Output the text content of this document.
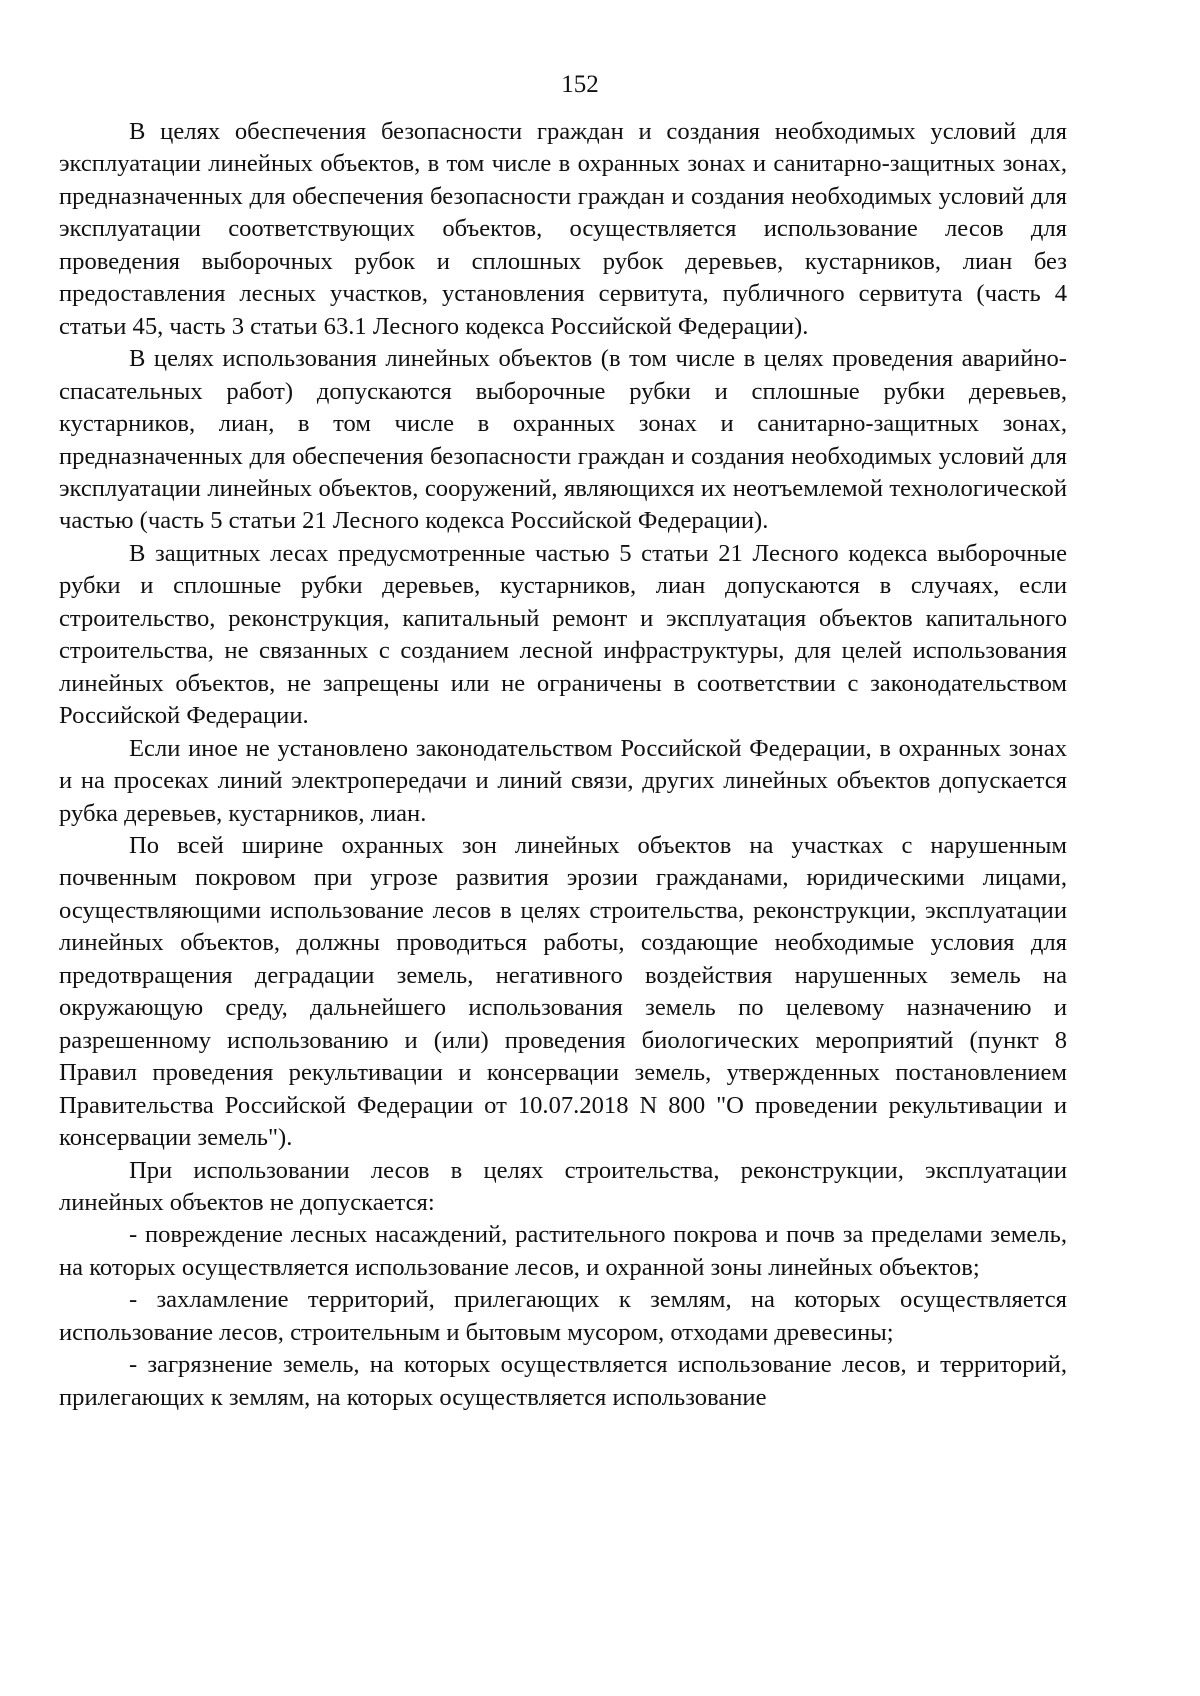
152

В целях обеспечения безопасности граждан и создания необходимых условий для эксплуатации линейных объектов, в том числе в охранных зонах и санитарно-защитных зонах, предназначенных для обеспечения безопасности граждан и создания необходимых условий для эксплуатации соответствующих объектов, осуществляется использование лесов для проведения выборочных рубок и сплошных рубок деревьев, кустарников, лиан без предоставления лесных участков, установления сервитута, публичного сервитута (часть 4 статьи 45, часть 3 статьи 63.1 Лесного кодекса Российской Федерации).

В целях использования линейных объектов (в том числе в целях проведения аварийно-спасательных работ) допускаются выборочные рубки и сплошные рубки деревьев, кустарников, лиан, в том числе в охранных зонах и санитарно-защитных зонах, предназначенных для обеспечения безопасности граждан и создания необходимых условий для эксплуатации линейных объектов, сооружений, являющихся их неотъемлемой технологической частью (часть 5 статьи 21 Лесного кодекса Российской Федерации).

В защитных лесах предусмотренные частью 5 статьи 21 Лесного кодекса выборочные рубки и сплошные рубки деревьев, кустарников, лиан допускаются в случаях, если строительство, реконструкция, капитальный ремонт и эксплуатация объектов капитального строительства, не связанных с созданием лесной инфраструктуры, для целей использования линейных объектов, не запрещены или не ограничены в соответствии с законодательством Российской Федерации.

Если иное не установлено законодательством Российской Федерации, в охранных зонах и на просеках линий электропередачи и линий связи, других линейных объектов допускается рубка деревьев, кустарников, лиан.

По всей ширине охранных зон линейных объектов на участках с нарушенным почвенным покровом при угрозе развития эрозии гражданами, юридическими лицами, осуществляющими использование лесов в целях строительства, реконструкции, эксплуатации линейных объектов, должны проводиться работы, создающие необходимые условия для предотвращения деградации земель, негативного воздействия нарушенных земель на окружающую среду, дальнейшего использования земель по целевому назначению и разрешенному использованию и (или) проведения биологических мероприятий (пункт 8 Правил проведения рекультивации и консервации земель, утвержденных постановлением Правительства Российской Федерации от 10.07.2018 N 800 "О проведении рекультивации и консервации земель").

При использовании лесов в целях строительства, реконструкции, эксплуатации линейных объектов не допускается:

- повреждение лесных насаждений, растительного покрова и почв за пределами земель, на которых осуществляется использование лесов, и охранной зоны линейных объектов;

- захламление территорий, прилегающих к землям, на которых осуществляется использование лесов, строительным и бытовым мусором, отходами древесины;

- загрязнение земель, на которых осуществляется использование лесов, и территорий, прилегающих к землям, на которых осуществляется использование
